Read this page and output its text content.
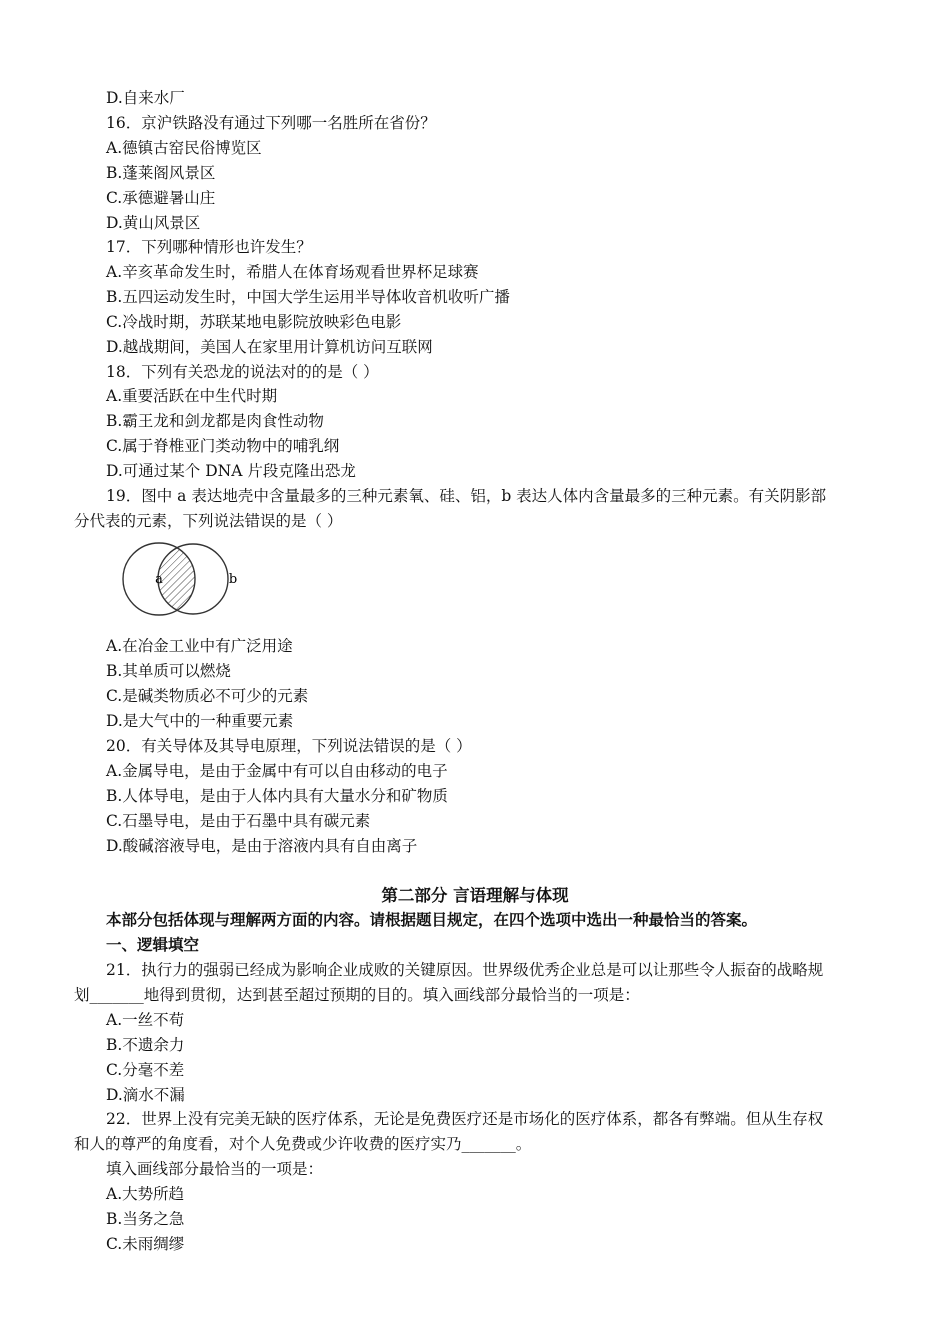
D.自来水厂
16．京沪铁路没有通过下列哪一名胜所在省份？
A.德镇古窑民俗博览区
B.蓬莱阁风景区
C.承德避暑山庄
D.黄山风景区
17．下列哪种情形也许发生？
A.辛亥革命发生时，希腊人在体育场观看世界杯足球赛
B.五四运动发生时，中国大学生运用半导体收音机收听广播
C.冷战时期，苏联某地电影院放映彩色电影
D.越战期间，美国人在家里用计算机访问互联网
18．下列有关恐龙的说法对的的是（ ）
A.重要活跃在中生代时期
B.霸王龙和剑龙都是肉食性动物
C.属于脊椎亚门类动物中的哺乳纲
D.可通过某个 DNA 片段克隆出恐龙
19．图中 a 表达地壳中含量最多的三种元素氧、硅、铝，b 表达人体内含量最多的三种元素。有关阴影部
分代表的元素，下列说法错误的是（ ）
a	b
A.在冶金工业中有广泛用途
B.其单质可以燃烧
C.是碱类物质必不可少的元素
D.是大气中的一种重要元素
20．有关导体及其导电原理，下列说法错误的是（ ）
A.金属导电，是由于金属中有可以自由移动的电子
B.人体导电，是由于人体内具有大量水分和矿物质
C.石墨导电，是由于石墨中具有碳元素
D.酸碱溶液导电，是由于溶液内具有自由离子
第二部分 言语理解与体现
本部分包括体现与理解两方面的内容。请根据题目规定，在四个选项中选出一种最恰当的答案。
一、逻辑填空
21．执行力的强弱已经成为影响企业成败的关键原因。世界级优秀企业总是可以让那些令人振奋的战略规
划_______地得到贯彻，达到甚至超过预期的目的。填入画线部分最恰当的一项是：
A.一丝不苟
B.不遗余力
C.分毫不差
D.滴水不漏
22．世界上没有完美无缺的医疗体系，无论是免费医疗还是市场化的医疗体系，都各有弊端。但从生存权
和人的尊严的角度看，对个人免费或少许收费的医疗实乃_______。
填入画线部分最恰当的一项是：
A.大势所趋
B.当务之急
C.未雨绸缪
